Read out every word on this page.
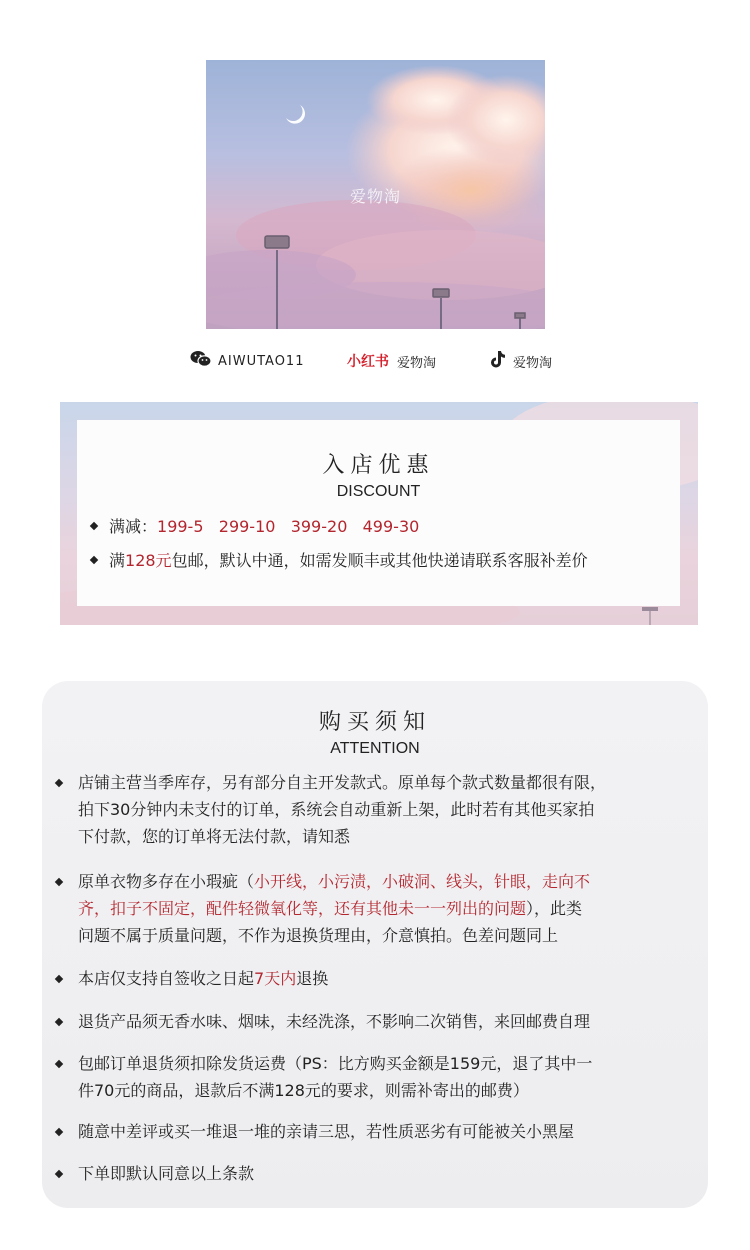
爱物淘
AIWUTAO11	小红书 爱物淘	爱物淘
入店优惠
DISCOUNT
满减：199-5   299-10   399-20   499-30
满128元包邮，默认中通，如需发顺丰或其他快递请联系客服补差价
购买须知
ATTENTION
店铺主营当季库存，另有部分自主开发款式。原单每个款式数量都很有限，
拍下30分钟内未支付的订单，系统会自动重新上架，此时若有其他买家拍
下付款，您的订单将无法付款，请知悉
原单衣物多存在小瑕疵（小开线，小污渍，小破洞、线头，针眼，走向不
齐，扣子不固定，配件轻微氧化等，还有其他未一一列出的问题），此类
问题不属于质量问题，不作为退换货理由，介意慎拍。色差问题同上
本店仅支持自签收之日起7天内退换
退货产品须无香水味、烟味，未经洗涤，不影响二次销售，来回邮费自理
包邮订单退货须扣除发货运费（PS：比方购买金额是159元，退了其中一
件70元的商品，退款后不满128元的要求，则需补寄出的邮费）
随意中差评或买一堆退一堆的亲请三思，若性质恶劣有可能被关小黑屋
下单即默认同意以上条款
